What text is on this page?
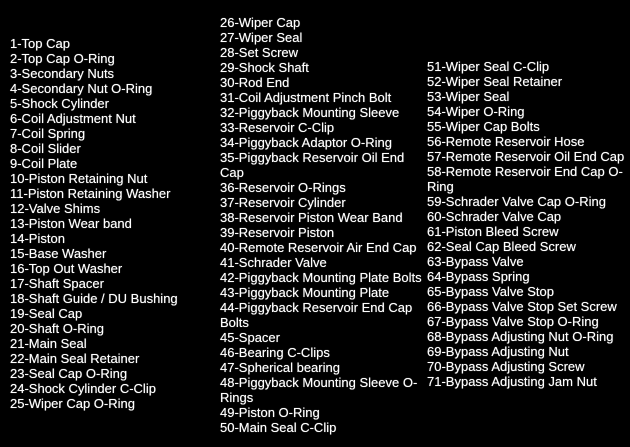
1-Top Cap
2-Top Cap O-Ring
3-Secondary Nuts
4-Secondary Nut O-Ring
5-Shock Cylinder
6-Coil Adjustment Nut
7-Coil Spring
8-Coil Slider
9-Coil Plate
10-Piston Retaining Nut
11-Piston Retaining Washer
12-Valve Shims
13-Piston Wear band
14-Piston
15-Base Washer
16-Top Out Washer
17-Shaft Spacer
18-Shaft Guide / DU Bushing
19-Seal Cap
20-Shaft O-Ring
21-Main Seal
22-Main Seal Retainer
23-Seal Cap O-Ring
24-Shock Cylinder C-Clip
25-Wiper Cap O-Ring
26-Wiper Cap
27-Wiper Seal
28-Set Screw
29-Shock Shaft
30-Rod End
31-Coil Adjustment Pinch Bolt
32-Piggyback Mounting Sleeve
33-Reservoir C-Clip
34-Piggyback Adaptor O-Ring
35-Piggyback Reservoir Oil End Cap
36-Reservoir O-Rings
37-Reservoir Cylinder
38-Reservoir Piston Wear Band
39-Reservoir Piston
40-Remote Reservoir Air End Cap
41-Schrader Valve
42-Piggyback Mounting Plate Bolts
43-Piggyback Mounting Plate
44-Piggyback Reservoir End Cap Bolts
45-Spacer
46-Bearing C-Clips
47-Spherical bearing
48-Piggyback Mounting Sleeve O-Rings
49-Piston O-Ring
50-Main Seal C-Clip
51-Wiper Seal C-Clip
52-Wiper Seal Retainer
53-Wiper Seal
54-Wiper O-Ring
55-Wiper Cap Bolts
56-Remote Reservoir Hose
57-Remote Reservoir Oil End Cap
58-Remote Reservoir End Cap O-Ring
59-Schrader Valve Cap O-Ring
60-Schrader Valve Cap
61-Piston Bleed Screw
62-Seal Cap Bleed Screw
63-Bypass Valve
64-Bypass Spring
65-Bypass Valve Stop
66-Bypass Valve Stop Set Screw
67-Bypass Valve Stop O-Ring
68-Bypass Adjusting Nut O-Ring
69-Bypass Adjusting Nut
70-Bypass Adjusting Screw
71-Bypass Adjusting Jam Nut
